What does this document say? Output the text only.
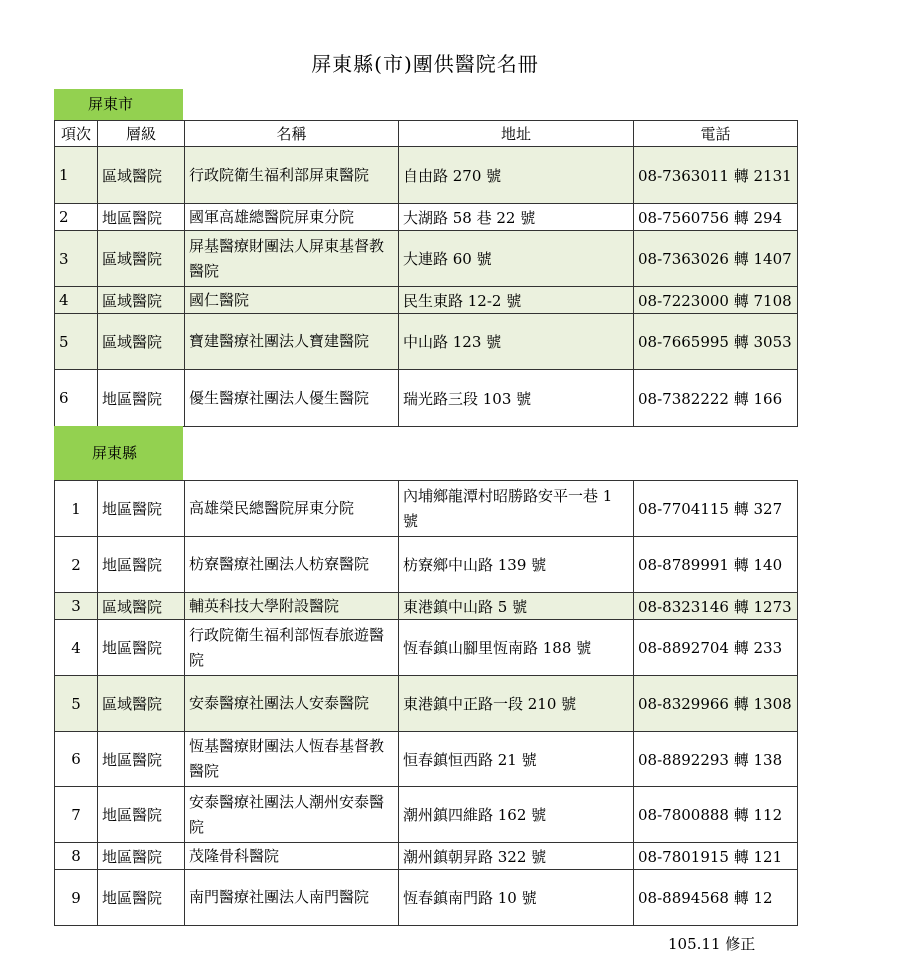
屏東縣(市)團供醫院名冊
屏東市
項次	層級	名稱	地址	電話
1	區域醫院	行政院衛生福利部屏東醫院	自由路 270 號	08-7363011 轉 2131
2	地區醫院	國軍高雄總醫院屏東分院	大湖路 58 巷 22 號	08-7560756 轉 294
3	區域醫院	屏基醫療財團法人屏東基督教醫院	大連路 60 號	08-7363026 轉 1407
4	區域醫院	國仁醫院	民生東路 12-2 號	08-7223000 轉 7108
5	區域醫院	寶建醫療社團法人寶建醫院	中山路 123 號	08-7665995 轉 3053
6	地區醫院	優生醫療社團法人優生醫院	瑞光路三段 103 號	08-7382222 轉 166
屏東縣
1	地區醫院	高雄榮民總醫院屏東分院	內埔鄉龍潭村昭勝路安平一巷 1 號	08-7704115 轉 327
2	地區醫院	枋寮醫療社團法人枋寮醫院	枋寮鄉中山路 139 號	08-8789991 轉 140
3	區域醫院	輔英科技大學附設醫院	東港鎮中山路 5 號	08-8323146 轉 1273
4	地區醫院	行政院衛生福利部恆春旅遊醫院	恆春鎮山腳里恆南路 188 號	08-8892704 轉 233
5	區域醫院	安泰醫療社團法人安泰醫院	東港鎮中正路一段 210 號	08-8329966 轉 1308
6	地區醫院	恆基醫療財團法人恆春基督教醫院	恒春鎮恒西路 21 號	08-8892293 轉 138
7	地區醫院	安泰醫療社團法人潮州安泰醫院	潮州鎮四維路 162 號	08-7800888 轉 112
8	地區醫院	茂隆骨科醫院	潮州鎮朝昇路 322 號	08-7801915 轉 121
9	地區醫院	南門醫療社團法人南門醫院	恆春鎮南門路 10 號	08-8894568 轉 12
105.11 修正
